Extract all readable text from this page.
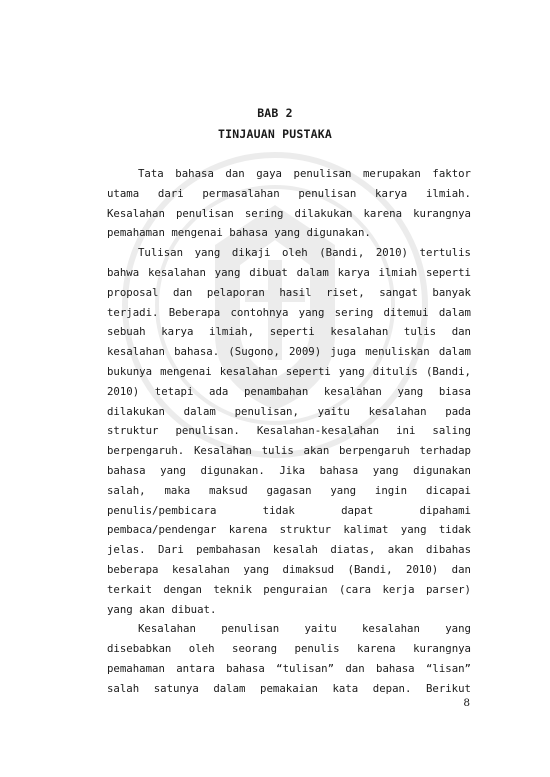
BAB 2
TINJAUAN PUSTAKA

Tata bahasa dan gaya penulisan merupakan faktor

utama dari permasalahan penulisan karya ilmiah.

Kesalahan penulisan sering dilakukan karena kurangnya

pemahaman mengenai bahasa yang digunakan.

Tulisan yang dikaji oleh (Bandi, 2010) tertulis

bahwa kesalahan yang dibuat dalam karya ilmiah seperti

proposal dan pelaporan hasil riset, sangat banyak

terjadi. Beberapa contohnya yang sering ditemui dalam

sebuah karya ilmiah, seperti kesalahan tulis dan

kesalahan bahasa. (Sugono, 2009) juga menuliskan dalam

bukunya mengenai kesalahan seperti yang ditulis (Bandi,

2010) tetapi ada penambahan kesalahan yang biasa

dilakukan dalam penulisan, yaitu kesalahan pada

struktur penulisan. Kesalahan-kesalahan ini saling

berpengaruh. Kesalahan tulis akan berpengaruh terhadap

bahasa yang digunakan. Jika bahasa yang digunakan

salah, maka maksud gagasan yang ingin dicapai

penulis/pembicara tidak dapat dipahami

pembaca/pendengar karena struktur kalimat yang tidak

jelas. Dari pembahasan kesalah diatas, akan dibahas

beberapa kesalahan yang dimaksud (Bandi, 2010) dan

terkait dengan teknik penguraian (cara kerja parser)

yang akan dibuat.

Kesalahan penulisan yaitu kesalahan yang

disebabkan oleh seorang penulis karena kurangnya

pemahaman antara bahasa “tulisan” dan bahasa “lisan”

salah satunya dalam pemakaian kata depan. Berikut

8
